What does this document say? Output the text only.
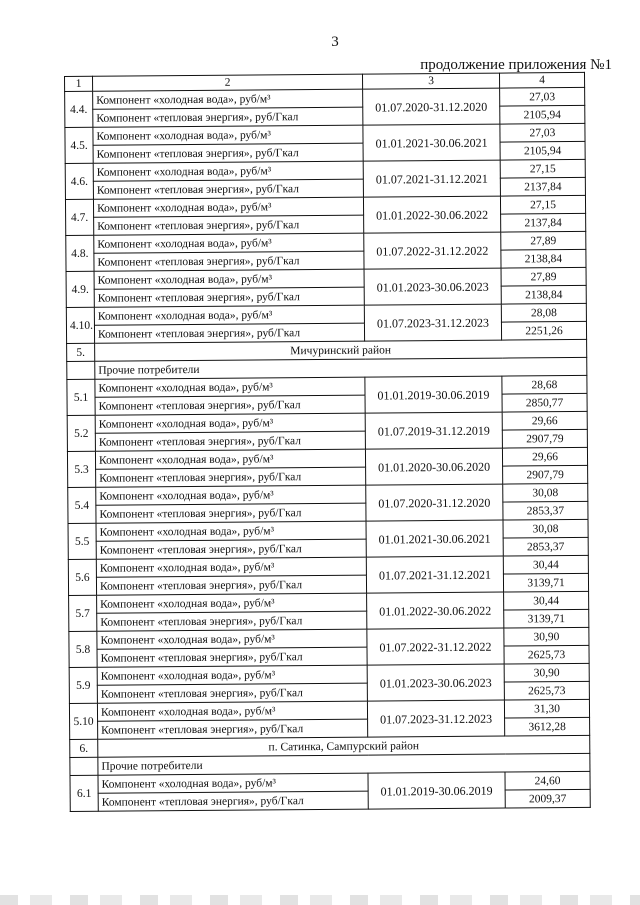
3
продолжение приложения №1
1	2	3	4
4.4.	Компонент «холодная вода», руб/м³	01.07.2020-31.12.2020	27,03
	Компонент «тепловая энергия», руб/Гкал		2105,94
4.5.	Компонент «холодная вода», руб/м³	01.01.2021-30.06.2021	27,03
	Компонент «тепловая энергия», руб/Гкал		2105,94
4.6.	Компонент «холодная вода», руб/м³	01.07.2021-31.12.2021	27,15
	Компонент «тепловая энергия», руб/Гкал		2137,84
4.7.	Компонент «холодная вода», руб/м³	01.01.2022-30.06.2022	27,15
	Компонент «тепловая энергия», руб/Гкал		2137,84
4.8.	Компонент «холодная вода», руб/м³	01.07.2022-31.12.2022	27,89
	Компонент «тепловая энергия», руб/Гкал		2138,84
4.9.	Компонент «холодная вода», руб/м³	01.01.2023-30.06.2023	27,89
	Компонент «тепловая энергия», руб/Гкал		2138,84
4.10.	Компонент «холодная вода», руб/м³	01.07.2023-31.12.2023	28,08
	Компонент «тепловая энергия», руб/Гкал		2251,26
5.	Мичуринский район		
	Прочие потребители		
5.1	Компонент «холодная вода», руб/м³	01.01.2019-30.06.2019	28,68
	Компонент «тепловая энергия», руб/Гкал		2850,77
5.2	Компонент «холодная вода», руб/м³	01.07.2019-31.12.2019	29,66
	Компонент «тепловая энергия», руб/Гкал		2907,79
5.3	Компонент «холодная вода», руб/м³	01.01.2020-30.06.2020	29,66
	Компонент «тепловая энергия», руб/Гкал		2907,79
5.4	Компонент «холодная вода», руб/м³	01.07.2020-31.12.2020	30,08
	Компонент «тепловая энергия», руб/Гкал		2853,37
5.5	Компонент «холодная вода», руб/м³	01.01.2021-30.06.2021	30,08
	Компонент «тепловая энергия», руб/Гкал		2853,37
5.6	Компонент «холодная вода», руб/м³	01.07.2021-31.12.2021	30,44
	Компонент «тепловая энергия», руб/Гкал		3139,71
5.7	Компонент «холодная вода», руб/м³	01.01.2022-30.06.2022	30,44
	Компонент «тепловая энергия», руб/Гкал		3139,71
5.8	Компонент «холодная вода», руб/м³	01.07.2022-31.12.2022	30,90
	Компонент «тепловая энергия», руб/Гкал		2625,73
5.9	Компонент «холодная вода», руб/м³	01.01.2023-30.06.2023	30,90
	Компонент «тепловая энергия», руб/Гкал		2625,73
5.10	Компонент «холодная вода», руб/м³	01.07.2023-31.12.2023	31,30
	Компонент «тепловая энергия», руб/Гкал		3612,28
6.	п. Сатинка, Сампурский район		
	Прочие потребители		
6.1	Компонент «холодная вода», руб/м³	01.01.2019-30.06.2019	24,60
	Компонент «тепловая энергия», руб/Гкал		2009,37
